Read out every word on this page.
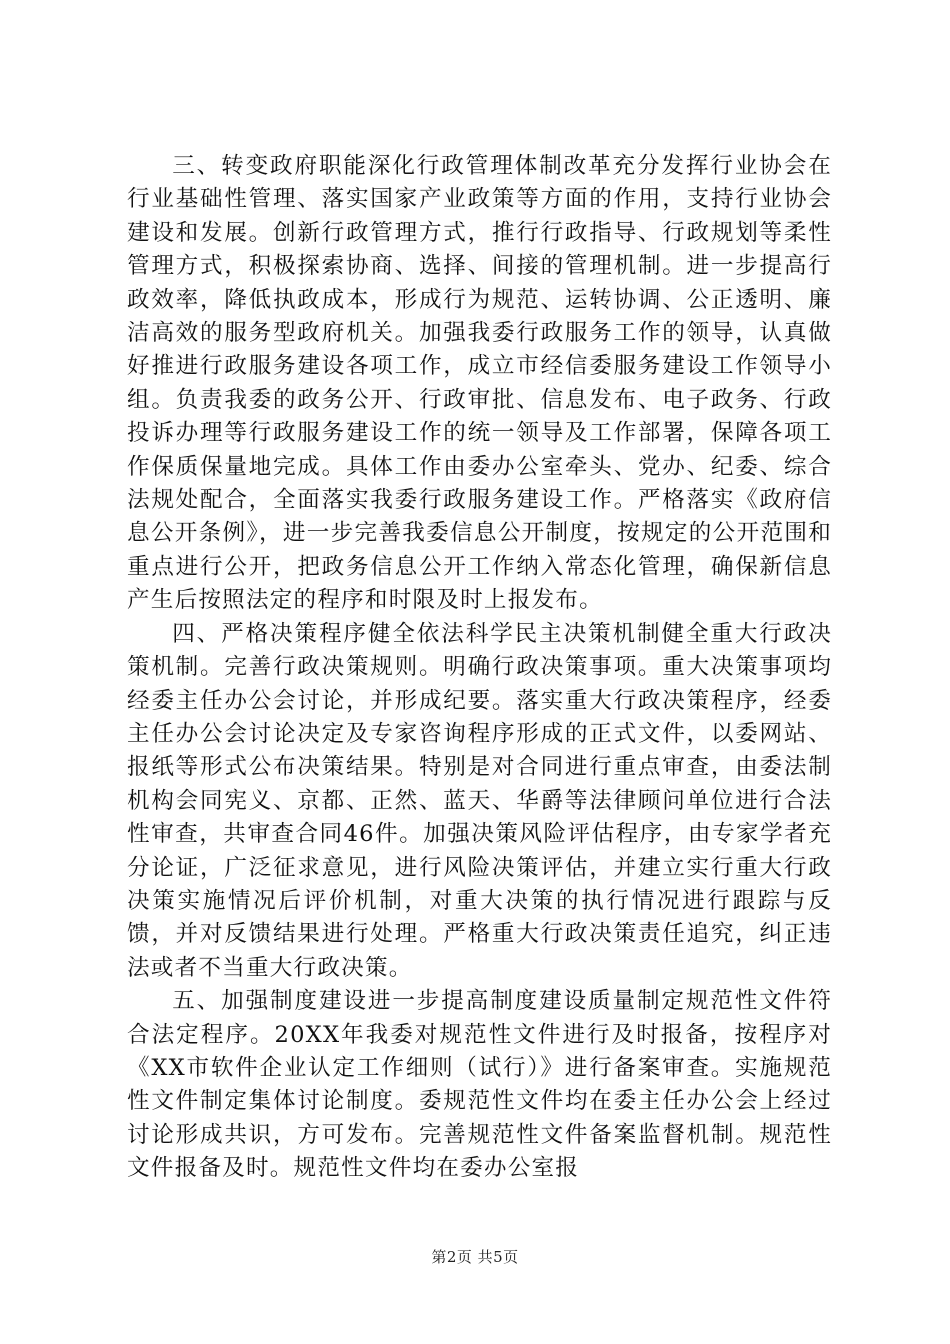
三、转变政府职能深化行政管理体制改革充分发挥行业协会在行业基础性管理、落实国家产业政策等方面的作用，支持行业协会建设和发展。创新行政管理方式，推行行政指导、行政规划等柔性管理方式，积极探索协商、选择、间接的管理机制。进一步提高行政效率，降低执政成本，形成行为规范、运转协调、公正透明、廉洁高效的服务型政府机关。加强我委行政服务工作的领导，认真做好推进行政服务建设各项工作，成立市经信委服务建设工作领导小组。负责我委的政务公开、行政审批、信息发布、电子政务、行政投诉办理等行政服务建设工作的统一领导及工作部署，保障各项工作保质保量地完成。具体工作由委办公室牵头、党办、纪委、综合法规处配合，全面落实我委行政服务建设工作。严格落实《政府信息公开条例》，进一步完善我委信息公开制度，按规定的公开范围和重点进行公开，把政务信息公开工作纳入常态化管理，确保新信息产生后按照法定的程序和时限及时上报发布。

四、严格决策程序健全依法科学民主决策机制健全重大行政决策机制。完善行政决策规则。明确行政决策事项。重大决策事项均经委主任办公会讨论，并形成纪要。落实重大行政决策程序，经委主任办公会讨论决定及专家咨询程序形成的正式文件，以委网站、报纸等形式公布决策结果。特别是对合同进行重点审查，由委法制机构会同宪义、京都、正然、蓝天、华爵等法律顾问单位进行合法性审查，共审查合同46件。加强决策风险评估程序，由专家学者充分论证，广泛征求意见，进行风险决策评估，并建立实行重大行政决策实施情况后评价机制，对重大决策的执行情况进行跟踪与反馈，并对反馈结果进行处理。严格重大行政决策责任追究，纠正违法或者不当重大行政决策。

五、加强制度建设进一步提高制度建设质量制定规范性文件符合法定程序。20XX年我委对规范性文件进行及时报备，按程序对《XX市软件企业认定工作细则（试行）》进行备案审查。实施规范性文件制定集体讨论制度。委规范性文件均在委主任办公会上经过讨论形成共识，方可发布。完善规范性文件备案监督机制。规范性文件报备及时。规范性文件均在委办公室报

第2页 共5页
